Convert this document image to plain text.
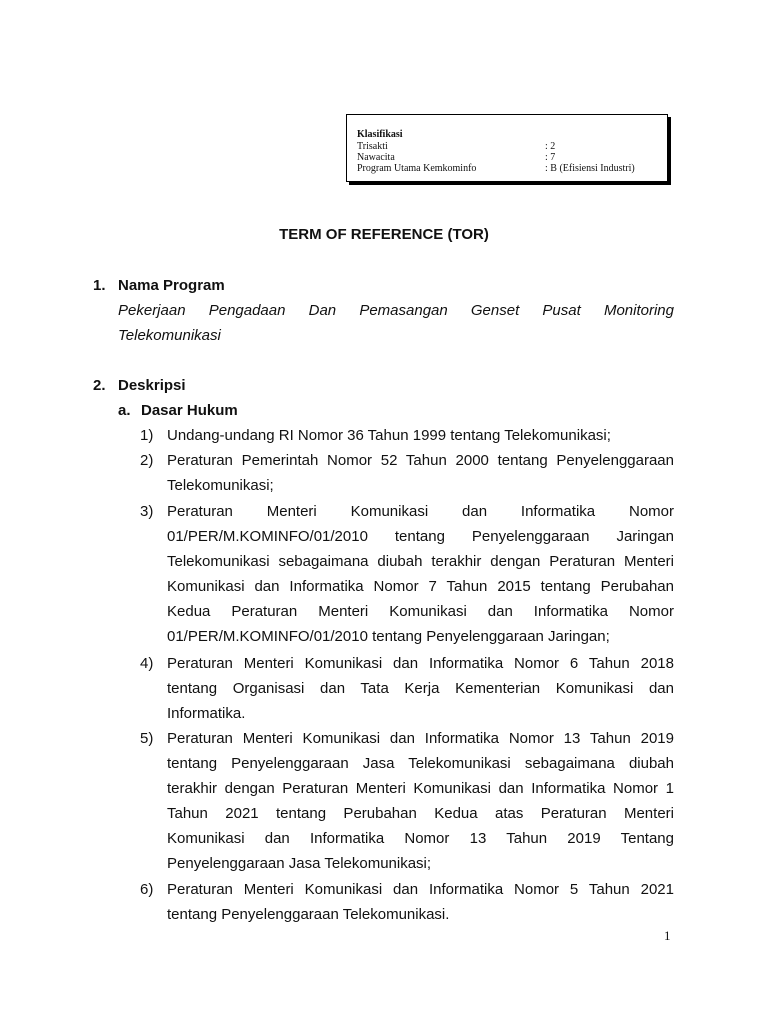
Klasifikasi
Trisakti	: 2
Nawacita	: 7
Program Utama Kemkominfo	: B (Efisiensi Industri)
TERM OF REFERENCE (TOR)
1. Nama Program
Pekerjaan Pengadaan Dan Pemasangan Genset Pusat Monitoring
Telekomunikasi
2. Deskripsi
a. Dasar Hukum
1) Undang-undang RI Nomor 36 Tahun 1999 tentang Telekomunikasi;
2) Peraturan Pemerintah Nomor 52 Tahun 2000 tentang Penyelenggaraan
Telekomunikasi;
3) Peraturan Menteri Komunikasi dan Informatika Nomor
01/PER/M.KOMINFO/01/2010 tentang Penyelenggaraan Jaringan
Telekomunikasi sebagaimana diubah terakhir dengan Peraturan Menteri
Komunikasi dan Informatika Nomor 7 Tahun 2015 tentang Perubahan
Kedua Peraturan Menteri Komunikasi dan Informatika Nomor
01/PER/M.KOMINFO/01/2010 tentang Penyelenggaraan Jaringan;
4) Peraturan Menteri Komunikasi dan Informatika Nomor 6 Tahun 2018
tentang Organisasi dan Tata Kerja Kementerian Komunikasi dan
Informatika.
5) Peraturan Menteri Komunikasi dan Informatika Nomor 13 Tahun 2019
tentang Penyelenggaraan Jasa Telekomunikasi sebagaimana diubah
terakhir dengan Peraturan Menteri Komunikasi dan Informatika Nomor 1
Tahun 2021 tentang Perubahan Kedua atas Peraturan Menteri
Komunikasi dan Informatika Nomor 13 Tahun 2019 Tentang
Penyelenggaraan Jasa Telekomunikasi;
6) Peraturan Menteri Komunikasi dan Informatika Nomor 5 Tahun 2021
tentang Penyelenggaraan Telekomunikasi.
1
